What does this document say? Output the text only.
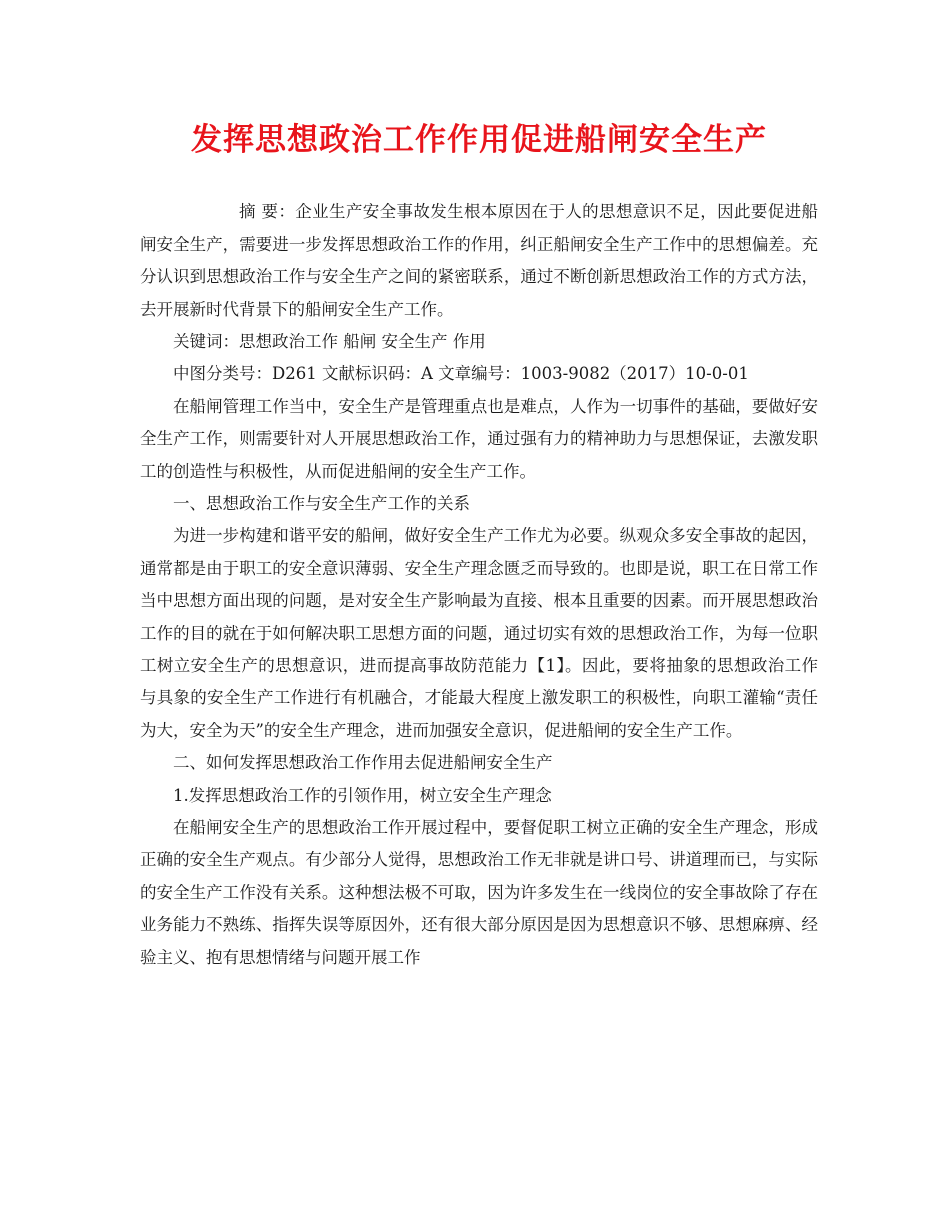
发挥思想政治工作作用促进船闸安全生产

摘 要：企业生产安全事故发生根本原因在于人的思想意识不足，因此要促进船闸安全生产，需要进一步发挥思想政治工作的作用，纠正船闸安全生产工作中的思想偏差。充分认识到思想政治工作与安全生产之间的紧密联系，通过不断创新思想政治工作的方式方法，去开展新时代背景下的船闸安全生产工作。

关键词：思想政治工作 船闸 安全生产 作用

中图分类号：D261 文献标识码：A 文章编号：1003-9082（2017）10-0-01

在船闸管理工作当中，安全生产是管理重点也是难点，人作为一切事件的基础，要做好安全生产工作，则需要针对人开展思想政治工作，通过强有力的精神助力与思想保证，去激发职工的创造性与积极性，从而促进船闸的安全生产工作。

一、思想政治工作与安全生产工作的关系

为进一步构建和谐平安的船闸，做好安全生产工作尤为必要。纵观众多安全事故的起因，通常都是由于职工的安全意识薄弱、安全生产理念匮乏而导致的。也即是说，职工在日常工作当中思想方面出现的问题，是对安全生产影响最为直接、根本且重要的因素。而开展思想政治工作的目的就在于如何解决职工思想方面的问题，通过切实有效的思想政治工作，为每一位职工树立安全生产的思想意识，进而提高事故防范能力【1】。因此，要将抽象的思想政治工作与具象的安全生产工作进行有机融合，才能最大程度上激发职工的积极性，向职工灌输“责任为大，安全为天”的安全生产理念，进而加强安全意识，促进船闸的安全生产工作。

二、如何发挥思想政治工作作用去促进船闸安全生产

1.发挥思想政治工作的引领作用，树立安全生产理念

在船闸安全生产的思想政治工作开展过程中，要督促职工树立正确的安全生产理念，形成正确的安全生产观点。有少部分人觉得，思想政治工作无非就是讲口号、讲道理而已，与实际的安全生产工作没有关系。这种想法极不可取，因为许多发生在一线岗位的安全事故除了存在业务能力不熟练、指挥失误等原因外，还有很大部分原因是因为思想意识不够、思想麻痹、经验主义、抱有思想情绪与问题开展工作
